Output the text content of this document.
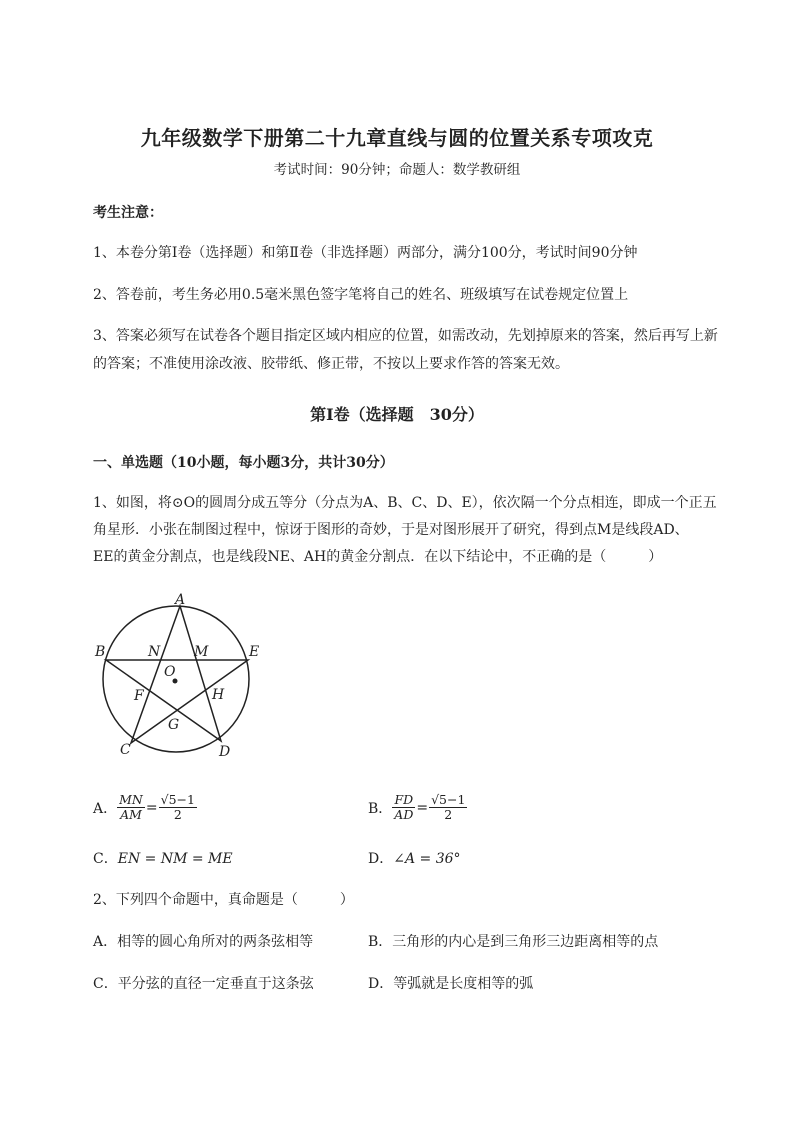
九年级数学下册第二十九章直线与圆的位置关系专项攻克
考试时间：90分钟；命题人：数学教研组
考生注意：
1、本卷分第I卷（选择题）和第Ⅱ卷（非选择题）两部分，满分100分，考试时间90分钟
2、答卷前，考生务必用0.5毫米黑色签字笔将自己的姓名、班级填写在试卷规定位置上
3、答案必须写在试卷各个题目指定区域内相应的位置，如需改动，先划掉原来的答案，然后再写上新
的答案；不准使用涂改液、胶带纸、修正带，不按以上要求作答的答案无效。
第I卷（选择题　30分）
一、单选题（10小题，每小题3分，共计30分）
1、如图，将⊙O的圆周分成五等分（分点为A、B、C、D、E），依次隔一个分点相连，即成一个正五
角星形．小张在制图过程中，惊讶于图形的奇妙，于是对图形展开了研究，得到点M是线段AD、
EE的黄金分割点，也是线段NE、AH的黄金分割点．在以下结论中，不正确的是（　　　）
A
B	E
C	D
N M
O
F	H
G
A． $\frac{MN}{AM} = \frac{√5-1}{2}$	B． $\frac{FD}{AD} = \frac{√5-1}{2}$
C．EN = NM = ME	D．∠A = 36°
2、下列四个命题中，真命题是（　　　）
A．相等的圆心角所对的两条弦相等	B．三角形的内心是到三角形三边距离相等的点
C．平分弦的直径一定垂直于这条弦	D．等弧就是长度相等的弧
